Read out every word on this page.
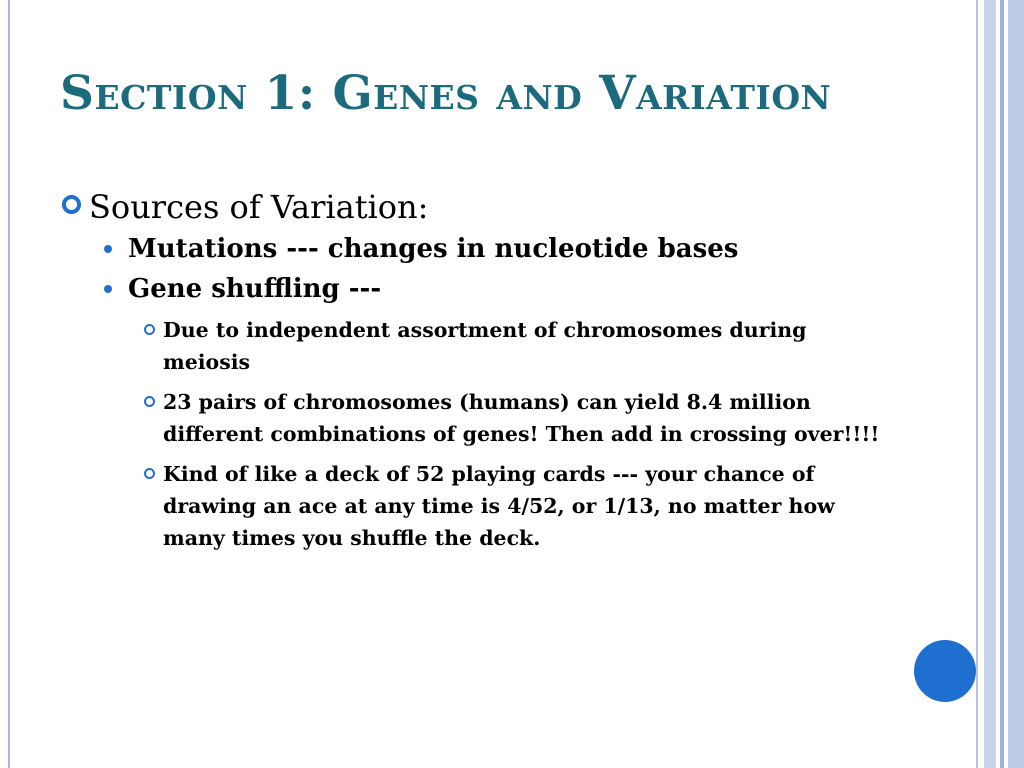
Section 1: Genes and Variation
Sources of Variation:
Mutations --- changes in nucleotide bases
Gene shuffling ---
Due to independent assortment of chromosomes during meiosis
23 pairs of chromosomes (humans) can yield 8.4 million different combinations of genes! Then add in crossing over!!!!
Kind of like a deck of 52 playing cards --- your chance of drawing an ace at any time is 4/52, or 1/13, no matter how many times you shuffle the deck.
